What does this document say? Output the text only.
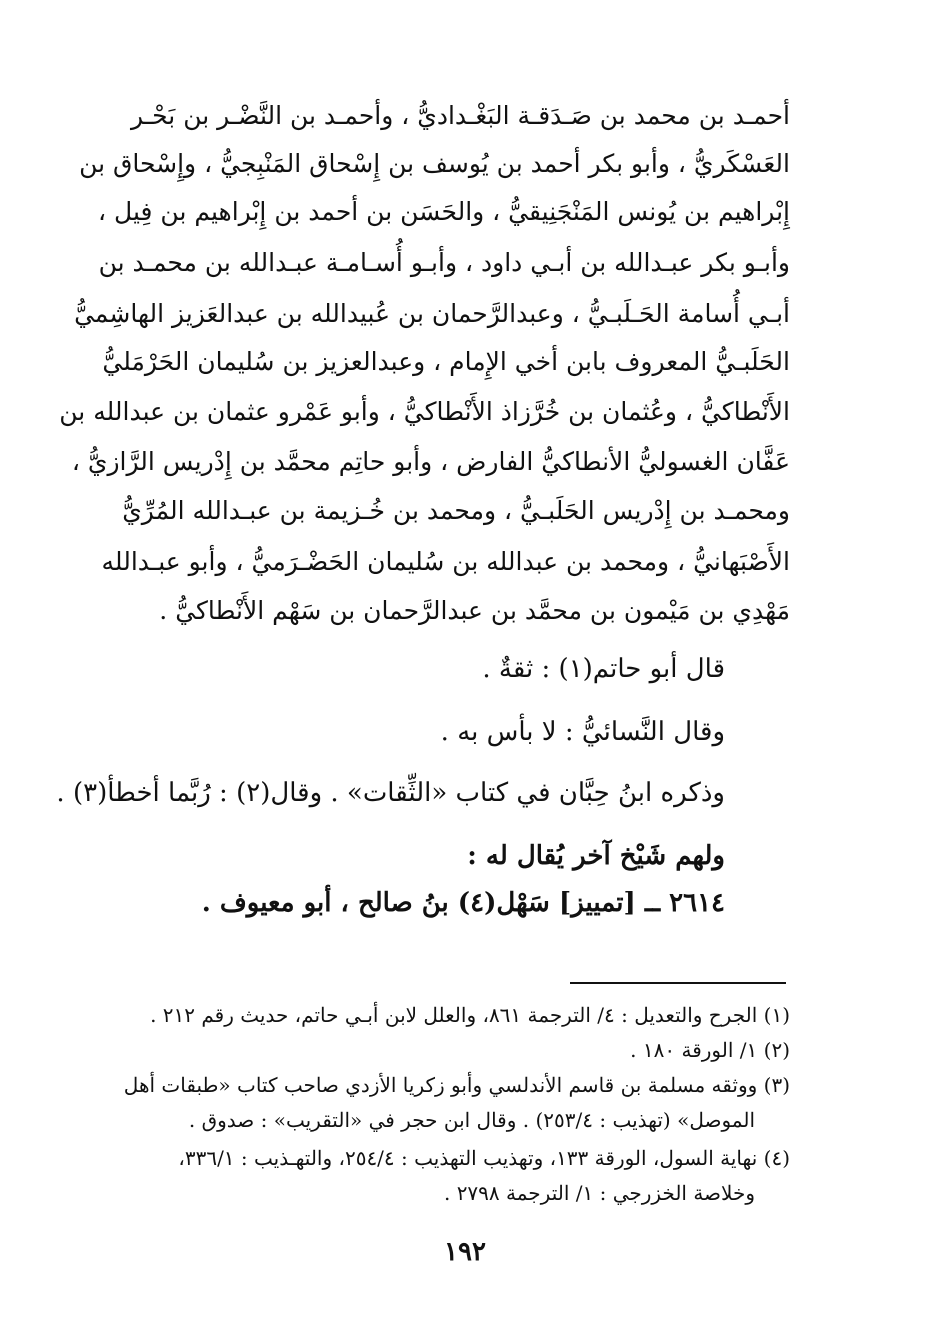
أحمـد بن محمد بن صَـدَقـة البَغْـداديُّ ، وأحمـد بن النَّضْـر بن بَحْـر
العَسْكَريُّ ، وأبو بكر أحمد بن يُوسف بن إِسْحاق المَنْبِجيُّ ، وإِسْحاق بن
إِبْراهيم بن يُونس المَنْجَنِيقيُّ ، والحَسَن بن أحمد بن إِبْراهيم بن فِيل ،
وأبـو بكر عبـدالله بن أبـي داود ، وأبـو أُسـامـة عبـدالله بن محمـد بن
أبـي أُسامة الحَـلَبـيُّ ، وعبدالرَّحمان بن عُبيدالله بن عبدالعَزيز الهاشِميُّ
الحَلَبـيُّ المعروف بابن أخي الإِمام ، وعبدالعزيز بن سُليمان الحَرْمَليُّ
الأَنْطاكيُّ ، وعُثمان بن خُرَّزاذ الأَنْطاكيُّ ، وأبو عَمْرو عثمان بن عبدالله بن
عَفَّان الغسوليُّ الأنطاكيُّ الفارض ، وأبو حاتِم محمَّد بن إِدْريس الرَّازيُّ ،
ومحمـد بن إِدْريس الحَلَبـيُّ ، ومحمد بن خُـزيمة بن عبـدالله المُرِّيُّ
الأَصْبَهانيُّ ، ومحمد بن عبدالله بن سُليمان الحَضْـرَميُّ ، وأبو عبـدالله
مَهْدِي بن مَيْمون بن محمَّد بن عبدالرَّحمان بن سَهْم الأَنْطاكيُّ .
قال أبو حاتم(١) : ثقةٌ .
وقال النَّسائيُّ : لا بأس به .
وذكره ابنُ حِبَّان في كتاب «الثِّقات» . وقال(٢) : رُبَّما أخطأ(٣) .
ولهم شَيْخ آخر يُقال له :
٢٦١٤ ــ [تمييز] سَهْل(٤) بنُ صالح ، أبو معيوف .
(١) الجرح والتعديل : ٤/ الترجمة ٨٦١، والعلل لابن أبـي حاتم، حديث رقم ٢١٢ .
(٢) ١/ الورقة ١٨٠ .
(٣) ووثقه مسلمة بن قاسم الأندلسي وأبو زكريا الأزدي صاحب كتاب «طبقات أهل
الموصل» (تهذيب : ٢٥٣/٤) . وقال ابن حجر في «التقريب» : صدوق .
(٤) نهاية السول، الورقة ١٣٣، وتهذيب التهذيب : ٢٥٤/٤، والتهـذيب : ٣٣٦/١،
وخلاصة الخزرجي : ١/ الترجمة ٢٧٩٨ .
١٩٢
